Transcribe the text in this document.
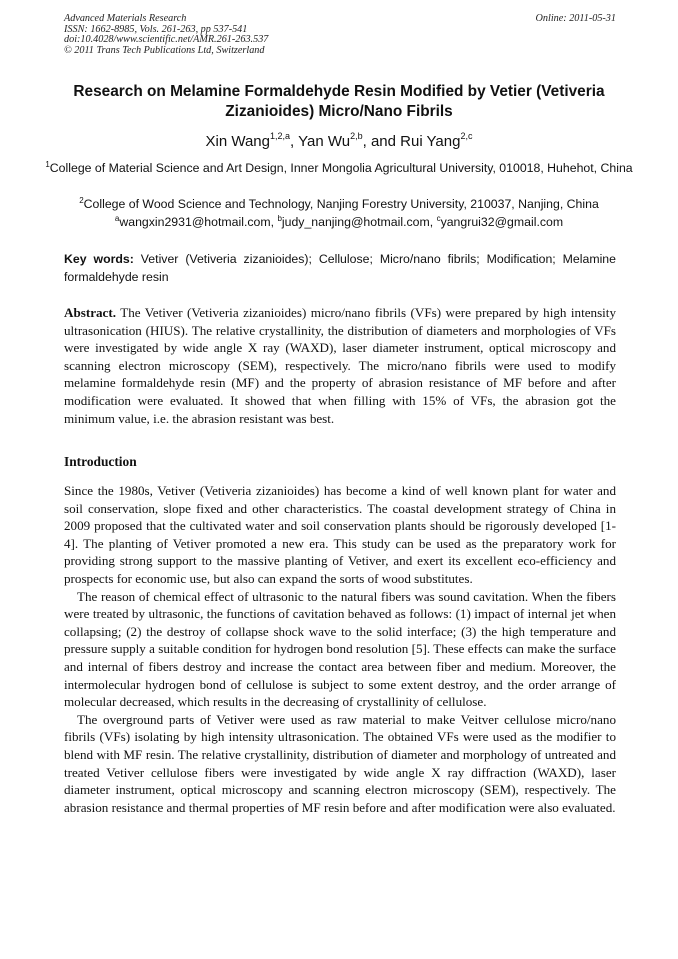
Advanced Materials Research
ISSN: 1662-8985, Vols. 261-263, pp 537-541
doi:10.4028/www.scientific.net/AMR.261-263.537
© 2011 Trans Tech Publications Ltd, Switzerland
Online: 2011-05-31
Research on Melamine Formaldehyde Resin Modified by Vetier (Vetiveria Zizanioides) Micro/Nano Fibrils
Xin Wang$^{1,2,a}$, Yan Wu$^{2,b}$, and Rui Yang$^{2,c}$
$^1$College of Material Science and Art Design, Inner Mongolia Agricultural University, 010018, Huhehot, China
$^2$College of Wood Science and Technology, Nanjing Forestry University, 210037, Nanjing, China
$^a$wangxin2931@hotmail.com, $^b$judy_nanjing@hotmail.com, $^c$yangrui32@gmail.com
Key words: Vetiver (Vetiveria zizanioides); Cellulose; Micro/nano fibrils; Modification; Melamine formaldehyde resin
Abstract. The Vetiver (Vetiveria zizanioides) micro/nano fibrils (VFs) were prepared by high intensity ultrasonication (HIUS). The relative crystallinity, the distribution of diameters and morphologies of VFs were investigated by wide angle X ray (WAXD), laser diameter instrument, optical microscopy and scanning electron microscopy (SEM), respectively. The micro/nano fibrils were used to modify melamine formaldehyde resin (MF) and the property of abrasion resistance of MF before and after modification were evaluated. It showed that when filling with 15% of VFs, the abrasion got the minimum value, i.e. the abrasion resistant was best.
Introduction

Since the 1980s, Vetiver (Vetiveria zizanioides) has become a kind of well known plant for water and soil conservation, slope fixed and other characteristics. The coastal development strategy of China in 2009 proposed that the cultivated water and soil conservation plants should be rigorously developed [1-4]. The planting of Vetiver promoted a new era. This study can be used as the preparatory work for providing strong support to the massive planting of Vetiver, and exert its excellent eco-efficiency and prospects for economic use, but also can expand the sorts of wood substitutes.

The reason of chemical effect of ultrasonic to the natural fibers was sound cavitation. When the fibers were treated by ultrasonic, the functions of cavitation behaved as follows: (1) impact of internal jet when collapsing; (2) the destroy of collapse shock wave to the solid interface; (3) the high temperature and pressure supply a suitable condition for hydrogen bond resolution [5]. These effects can make the surface and internal of fibers destroy and increase the contact area between fiber and medium. Moreover, the intermolecular hydrogen bond of cellulose is subject to some extent destroy, and the order arrange of molecular decreased, which results in the decreasing of crystallinity of cellulose.

The overground parts of Vetiver were used as raw material to make Veitver cellulose micro/nano fibrils (VFs) isolating by high intensity ultrasonication. The obtained VFs were used as the modifier to blend with MF resin. The relative crystallinity, distribution of diameter and morphology of untreated and treated Vetiver cellulose fibers were investigated by wide angle X ray diffraction (WAXD), laser diameter instrument, optical microscopy and scanning electron microscopy (SEM), respectively. The abrasion resistance and thermal properties of MF resin before and after modification were also evaluated.
